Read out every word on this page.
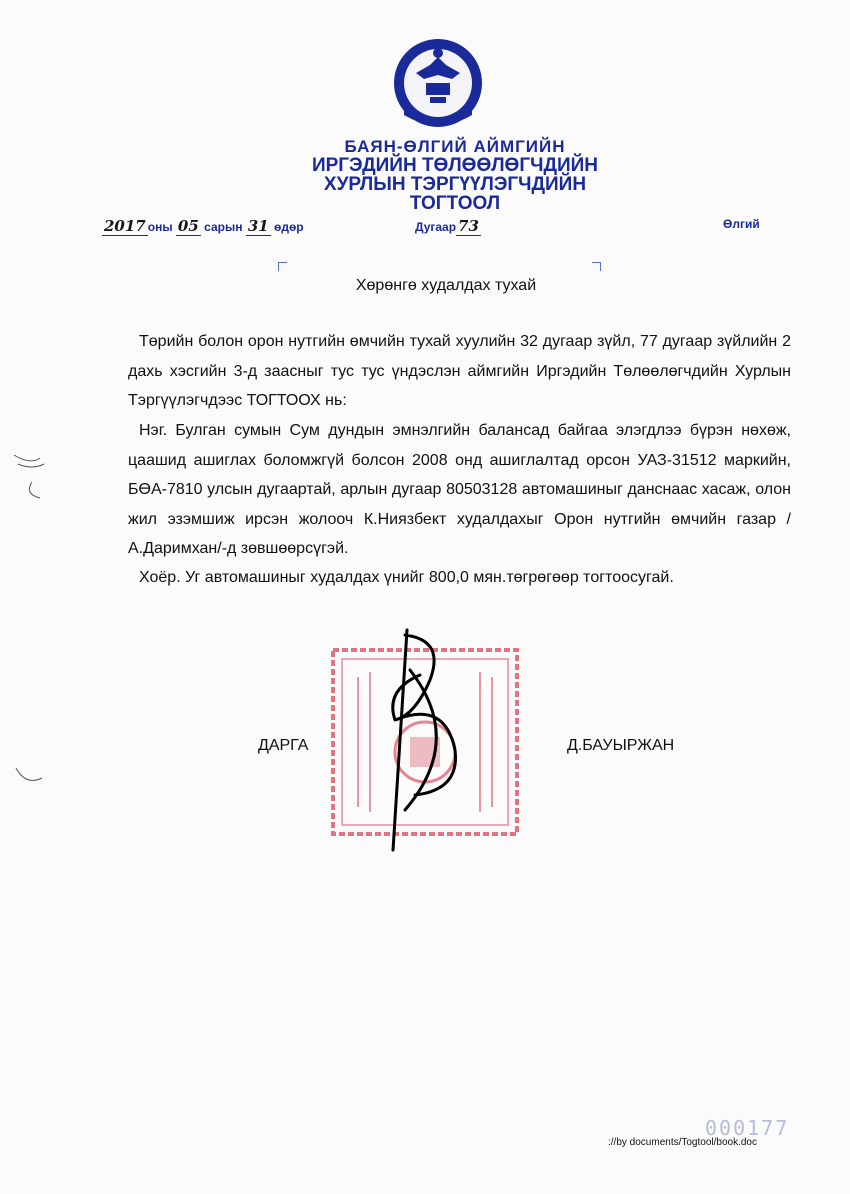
БАЯН-ӨЛГИЙ АЙМГИЙН
ИРГЭДИЙН ТӨЛӨӨЛӨГЧДИЙН
ХУРЛЫН ТЭРГҮҮЛЭГЧДИЙН
ТОГТООЛ
2017 оны 05 сарын 31 өдөр	Дугаар 73	Өлгий
Хөрөнгө худалдах тухай
Төрийн болон орон нутгийн өмчийн тухай хуулийн 32 дугаар зүйл, 77 дугаар зүйлийн 2 дахь хэсгийн 3-д заасныг тус тус үндэслэн аймгийн Иргэдийн Төлөөлөгчдийн Хурлын Тэргүүлэгчдээс ТОГТООХ нь:
Нэг. Булган сумын Сум дундын эмнэлгийн балансад байгаа элэгдлээ бүрэн нөхөж, цаашид ашиглах боломжгүй болсон 2008 онд ашиглалтад орсон УАЗ-31512 маркийн, БӨА-7810 улсын дугаартай, арлын дугаар 80503128 автомашиныг данснаас хасаж, олон жил эзэмшиж ирсэн жолооч К.Ниязбект худалдахыг Орон нутгийн өмчийн газар /А.Даримхан/-д зөвшөөрсүгэй.
Хоёр. Уг автомашиныг худалдах үнийг 800,0 мян.төгрөгөөр тогтоосугай.
ДАРГА	Д.БАУЫРЖАН
000177
://by documents/Togtool/book.doc
